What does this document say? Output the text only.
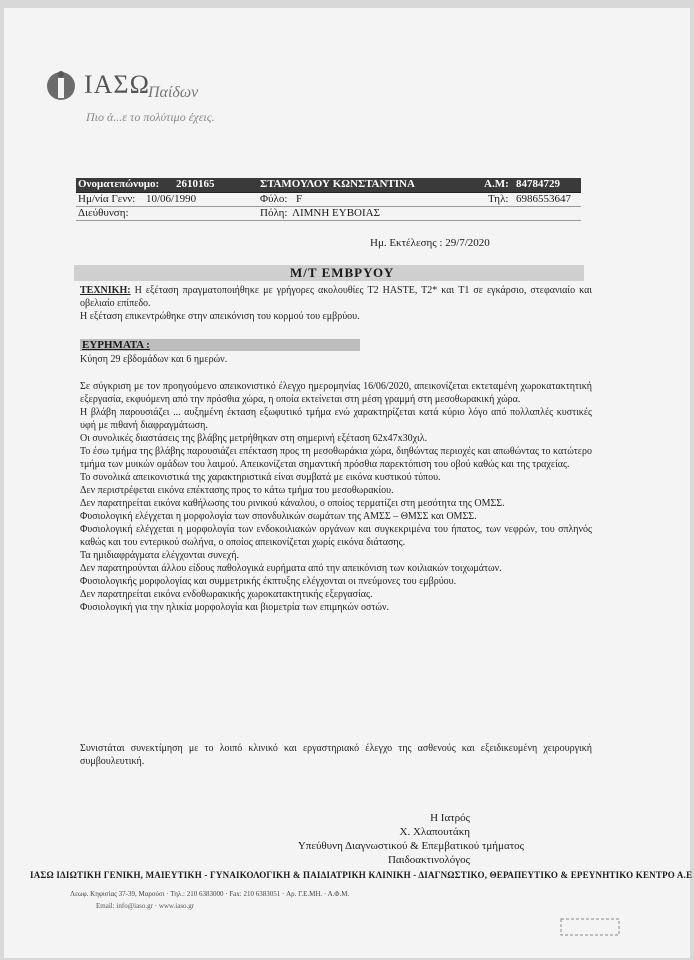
ΙΑΣΩ
Παίδων
Πιο ά...ε το πολύτιμο έχεις.
Ονοματεπώνυμο: 2610165	ΣΤΑΜΟΥΛΟΥ ΚΩΝΣΤΑΝΤΙΝΑ	Α.Μ: 84784729
Ημ/νία Γενν: 10/06/1990	Φύλο: F	Τηλ: 6986553647
Διεύθυνση:	Πόλη: ΛΙΜΝΗ ΕΥΒΟΙΑΣ
Ημ. Εκτέλεσης : 29/7/2020
Μ/Τ ΕΜΒΡΥΟΥ
ΤΕΧΝΙΚΗ: Η εξέταση πραγματοποιήθηκε με γρήγορες ακολουθίες T2 HASTE, T2* και T1 σε εγκάρσιο, στεφανιαίο και οβελιαίο επίπεδο.
Η εξέταση επικεντρώθηκε στην απεικόνιση του κορμού του εμβρύου.
ΕΥΡΗΜΑΤΑ :
Κύηση 29 εβδομάδων και 6 ημερών.
Σε σύγκριση με τον προηγούμενο απεικονιστικό έλεγχο ημερομηνίας 16/06/2020, απεικονίζεται εκτεταμένη χωροκατακτητική εξεργασία, εκφυόμενη από την πρόσθια χώρα, η οποία εκτείνεται στη μέση γραμμή στη μεσοθωρακική χώρα.
Η βλάβη παρουσιάζει ... αυξημένη έκταση εξωφυτικό τμήμα ενώ χαρακτηρίζεται κατά κύριο λόγο από πολλαπλές κυστικές υφή με πιθανή διαφραγμάτωση.
Οι συνολικές διαστάσεις της βλάβης μετρήθηκαν στη σημερινή εξέταση 62x47x30χιλ.
Το έσω τμήμα της βλάβης παρουσιάζει επέκταση προς τη μεσοθωράκια χώρα, διηθώντας περιοχές και απωθώντας το κατώτερο τμήμα των μυικών ομάδων του λαιμού. Απεικονίζεται σημαντική πρόσθια παρεκτόπιση του οβού καθώς και της τραχείας.
Το συνολικά απεικονιστικά της χαρακτηριστικά είναι συμβατά με εικόνα κυστικού τύπου.
Δεν περιστρέφεται εικόνα επέκτασης προς το κάτω τμήμα του μεσοθωρακίου.
Δεν παρατηρείται εικόνα καθήλωσης του ρινικού κάναλου, ο οποίος τερματίζει στη μεσότητα της ΟΜΣΣ.
Φυσιολογική ελέγχεται η μορφολογία των σπονδυλικών σωμάτων της ΑΜΣΣ – ΘΜΣΣ και ΟΜΣΣ.
Φυσιολογική ελέγχεται η μορφολογία των ενδοκοιλιακών οργάνων και συγκεκριμένα του ήπατος, των νεφρών, του σπληνός καθώς και του εντερικού σωλήνα, ο οποίος απεικονίζεται χωρίς εικόνα διάτασης.
Τα ημιδιαφράγματα ελέγχονται συνεχή.
Δεν παρατηρούνται άλλου είδους παθολογικά ευρήματα από την απεικόνιση των κοιλιακών τοιχωμάτων.
Φυσιολογικής μορφολογίας και συμμετρικής έκπτυξης ελέγχονται οι πνεύμονες του εμβρύου.
Δεν παρατηρείται εικόνα ενδοθωρακικής χωροκατακτητικής εξεργασίας.
Φυσιολογική για την ηλικία μορφολογία και βιομετρία των επιμηκών οστών.
Συνιστάται συνεκτίμηση με το λοιπό κλινικό και εργαστηριακό έλεγχο της ασθενούς και εξειδικευμένη χειρουργική συμβουλευτική.
Η Ιατρός
Χ. Χλαπουτάκη
Υπεύθυνη Διαγνωστικού & Επεμβατικού τμήματος
Παιδοακτινολόγος
ΙΑΣΩ ΙΔΙΩΤΙΚΗ ΓΕΝΙΚΗ, ΜΑΙΕΥΤΙΚΗ - ΓΥΝΑΙΚΟΛΟΓΙΚΗ & ΠΑΙΔΙΑΤΡΙΚΗ ΚΛΙΝΙΚΗ - ΔΙΑΓΝΩΣΤΙΚΟ, ΘΕΡΑΠΕΥΤΙΚΟ & ΕΡΕΥΝΗΤΙΚΟ ΚΕΝΤΡΟ Α.Ε
Λεωφ. Κηφισίας 37-39, Μαρούσι · Τηλ.: 210 6383000 · Fax: 210 6383051 · Αρ. Γ.Ε.ΜΗ. · Α.Φ.Μ.
Email: info@iaso.gr · www.iaso.gr
